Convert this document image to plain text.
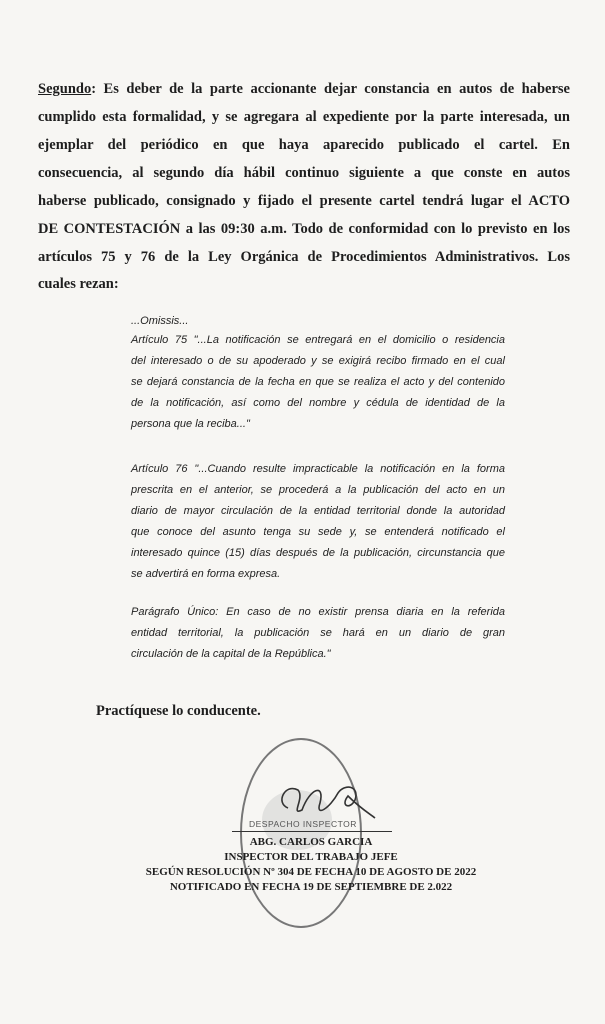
Segundo: Es deber de la parte accionante dejar constancia en autos de haberse
cumplido esta formalidad, y se agregara al expediente por la parte interesada, un
ejemplar del periódico en que haya aparecido publicado el cartel. En
consecuencia, al segundo día hábil continuo siguiente a que conste en autos
haberse publicado, consignado y fijado el presente cartel tendrá lugar el ACTO
DE CONTESTACIÓN a las 09:30 a.m. Todo de conformidad con lo previsto en los
artículos 75 y 76 de la Ley Orgánica de Procedimientos Administrativos. Los
cuales rezan:
...Omissis...
Artículo 75 "...La notificación se entregará en el domicilio o residencia
del interesado o de su apoderado y se exigirá recibo firmado en el cual
se dejará constancia de la fecha en que se realiza el acto y del contenido
de la notificación, así como del nombre y cédula de identidad de la
persona que la reciba..."
Artículo 76 "...Cuando resulte impracticable la notificación en la forma
prescrita en el anterior, se procederá a la publicación del acto en un
diario de mayor circulación de la entidad territorial donde la autoridad
que conoce del asunto tenga su sede y, se entenderá notificado el
interesado quince (15) días después de la publicación, circunstancia que
se advertirá en forma expresa.
Parágrafo Único: En caso de no existir prensa diaria en la referida
entidad territorial, la publicación se hará en un diario de gran
circulación de la capital de la República."
Practíquese lo conducente.
DESPACHO INSPECTOR
ABG. CARLOS GARCIA
INSPECTOR DEL TRABAJO JEFE
SEGÚN RESOLUCIÓN Nº 304 DE FECHA 10 DE AGOSTO DE 2022
NOTIFICADO EN FECHA 19 DE SEPTIEMBRE DE 2.022
